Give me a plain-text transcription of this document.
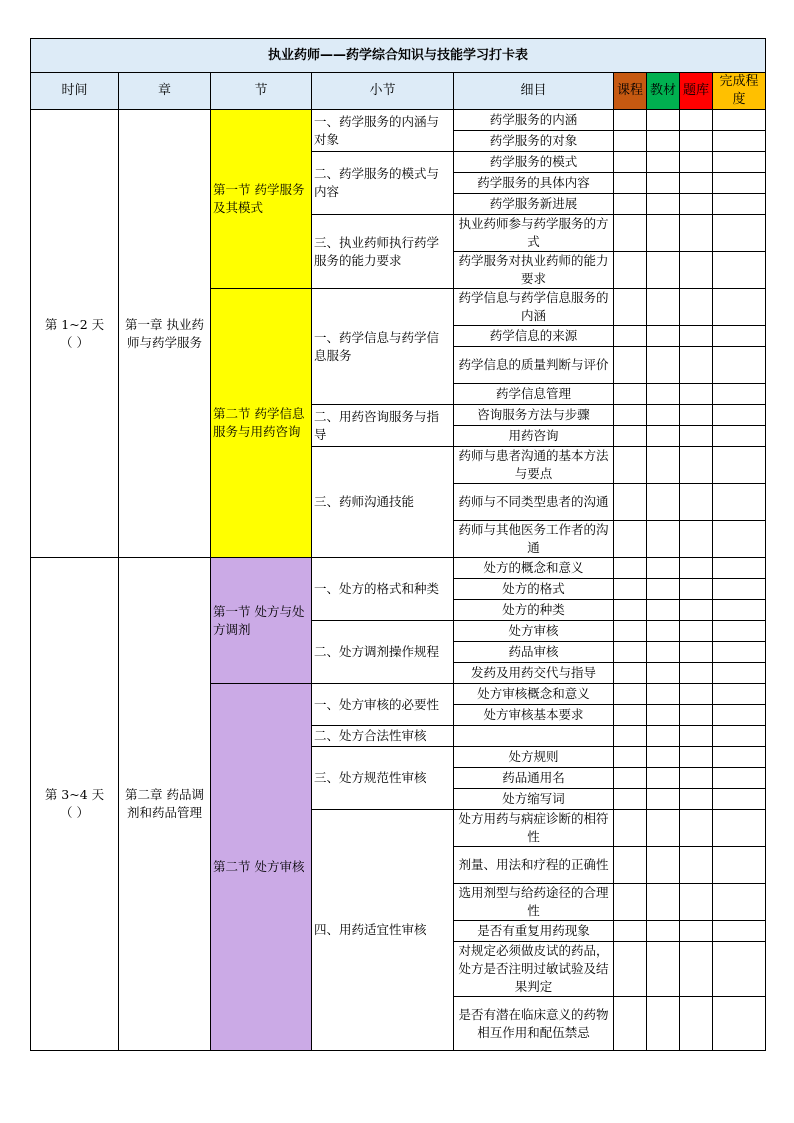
执业药师——药学综合知识与技能学习打卡表								
时间	章	节	小节	细目	课程	教材	题库	完成程度

第 1~2 天
（ ）	第一章 执业药师与药学服务	第一节 药学服务及其模式	一、药学服务的内涵与对象	药学服务的内涵				
				药学服务的对象				
			二、药学服务的模式与内容	药学服务的模式				
				药学服务的具体内容				
				药学服务新进展				
			三、执业药师执行药学服务的能力要求	执业药师参与药学服务的方式				
				药学服务对执业药师的能力要求				
		第二节 药学信息服务与用药咨询	一、药学信息与药学信息服务	药学信息与药学信息服务的内涵				
				药学信息的来源				
				药学信息的质量判断与评价				
				药学信息管理				
			二、用药咨询服务与指导	咨询服务方法与步骤				
				用药咨询				
			三、药师沟通技能	药师与患者沟通的基本方法与要点				
				药师与不同类型患者的沟通				
				药师与其他医务工作者的沟通				

第 3~4 天
（ ）	第二章 药品调剂和药品管理	第一节 处方与处方调剂	一、处方的格式和种类	处方的概念和意义				
				处方的格式				
				处方的种类				
			二、处方调剂操作规程	处方审核				
				药品审核				
				发药及用药交代与指导				
		第二节 处方审核	一、处方审核的必要性	处方审核概念和意义				
				处方审核基本要求				
			二、处方合法性审核					
			三、处方规范性审核	处方规则				
				药品通用名				
				处方缩写词				
			四、用药适宜性审核	处方用药与病症诊断的相符性				
				剂量、用法和疗程的正确性				
				选用剂型与给药途径的合理性				
				是否有重复用药现象				
				对规定必须做皮试的药品，处方是否注明过敏试验及结果判定				
				是否有潜在临床意义的药物相互作用和配伍禁忌				
